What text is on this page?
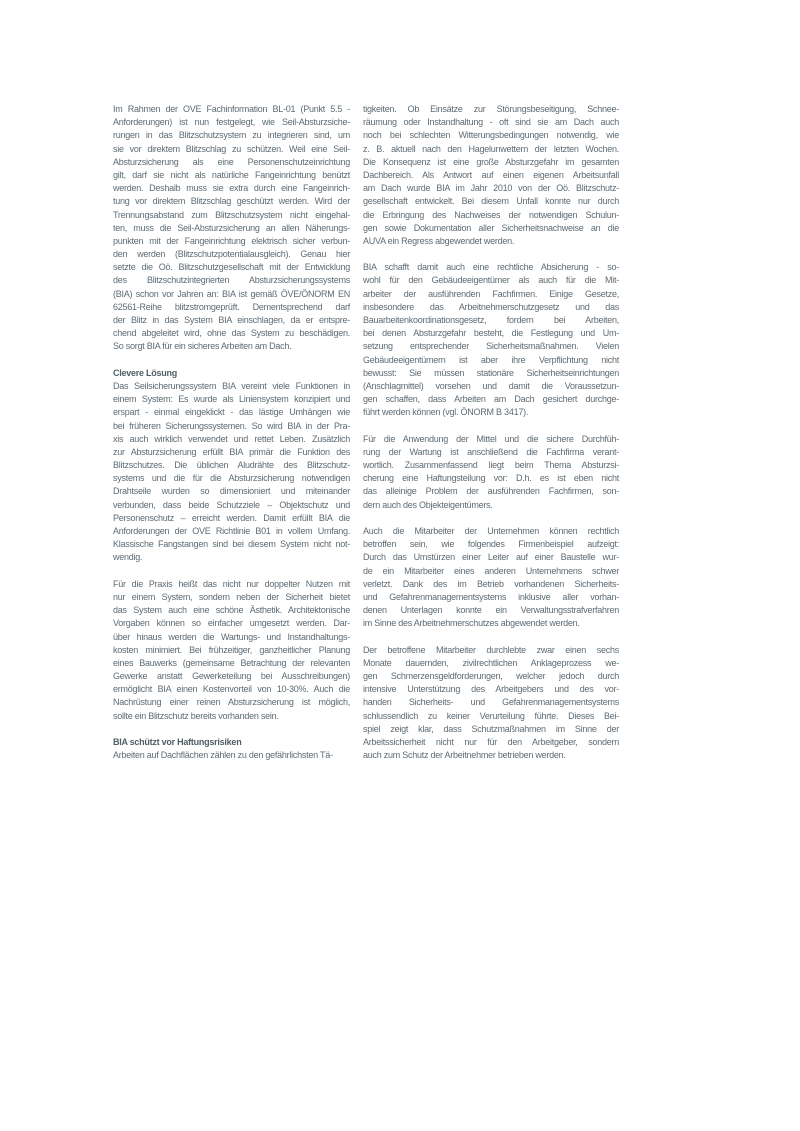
Im Rahmen der OVE Fachinformation BL-01 (Punkt 5.5 -
Anforderungen) ist nun festgelegt, wie Seil-Absturzsiche-
rungen in das Blitzschutzsystem zu integrieren sind, um
sie vor direktem Blitzschlag zu schützen. Weil eine Seil-
Absturzsicherung als eine Personenschutzeinrichtung
gilt, darf sie nicht als natürliche Fangeinrichtung benützt
werden. Deshalb muss sie extra durch eine Fangeinrich-
tung vor direktem Blitzschlag geschützt werden. Wird der
Trennungsabstand zum Blitzschutzsystem nicht eingehal-
ten, muss die Seil-Absturzsicherung an allen Näherungs-
punkten mit der Fangeinrichtung elektrisch sicher verbun-
den werden (Blitzschutzpotentialausgleich). Genau hier
setzte die Oö. Blitzschutzgesellschaft mit der Entwicklung
des Blitzschutzintegrierten Absturzsicherungssystems
(BIA) schon vor Jahren an: BIA ist gemäß ÖVE/ÖNORM EN
62561-Reihe blitzstromgeprüft. Dementsprechend darf
der Blitz in das System BIA einschlagen, da er entspre-
chend abgeleitet wird, ohne das System zu beschädigen.
So sorgt BIA für ein sicheres Arbeiten am Dach.
Clevere Lösung
Das Seilsicherungssystem BIA vereint viele Funktionen in
einem System: Es wurde als Liniensystem konzipiert und
erspart - einmal eingeklickt - das lästige Umhängen wie
bei früheren Sicherungssystemen. So wird BIA in der Pra-
xis auch wirklich verwendet und rettet Leben. Zusätzlich
zur Absturzsicherung erfüllt BIA primär die Funktion des
Blitzschutzes. Die üblichen Aludrähte des Blitzschutz-
systems und die für die Absturzsicherung notwendigen
Drahtseile wurden so dimensioniert und miteinander
verbunden, dass beide Schutzziele – Objektschutz und
Personenschutz – erreicht werden. Damit erfüllt BIA die
Anforderungen der OVE Richtlinie B01 in vollem Umfang.
Klassische Fangstangen sind bei diesem System nicht not-
wendig.
Für die Praxis heißt das nicht nur doppelter Nutzen mit
nur einem System, sondern neben der Sicherheit bietet
das System auch eine schöne Ästhetik. Architektonische
Vorgaben können so einfacher umgesetzt werden. Dar-
über hinaus werden die Wartungs- und Instandhaltungs-
kosten minimiert. Bei frühzeitiger, ganzheitlicher Planung
eines Bauwerks (gemeinsame Betrachtung der relevanten
Gewerke anstatt Gewerketeilung bei Ausschreibungen)
ermöglicht BIA einen Kostenvorteil von 10-30%. Auch die
Nachrüstung einer reinen Absturzsicherung ist möglich,
sollte ein Blitzschutz bereits vorhanden sein.
BIA schützt vor Haftungsrisiken
Arbeiten auf Dachflächen zählen zu den gefährlichsten Tä-
tigkeiten. Ob Einsätze zur Störungsbeseitigung, Schnee-
räumung oder Instandhaltung - oft sind sie am Dach auch
noch bei schlechten Witterungsbedingungen notwendig, wie
z. B. aktuell nach den Hagelunwettern der letzten Wochen.
Die Konsequenz ist eine große Absturzgefahr im gesamten
Dachbereich. Als Antwort auf einen eigenen Arbeitsunfall
am Dach wurde BIA im Jahr 2010 von der Oö. Blitzschutz-
gesellschaft entwickelt. Bei diesem Unfall konnte nur durch
die Erbringung des Nachweises der notwendigen Schulun-
gen sowie Dokumentation aller Sicherheitsnachweise an die
AUVA ein Regress abgewendet werden.
BIA schafft damit auch eine rechtliche Absicherung - so-
wohl für den Gebäudeeigentümer als auch für die Mit-
arbeiter der ausführenden Fachfirmen. Einige Gesetze,
insbesondere das Arbeitnehmerschutzgesetz und das
Bauarbeitenkoordinationsgesetz, fordern bei Arbeiten,
bei denen Absturzgefahr besteht, die Festlegung und Um-
setzung entsprechender Sicherheitsmaßnahmen. Vielen
Gebäudeeigentümern ist aber ihre Verpflichtung nicht
bewusst: Sie müssen stationäre Sicherheitseinrichtungen
(Anschlagmittel) vorsehen und damit die Voraussetzun-
gen schaffen, dass Arbeiten am Dach gesichert durchge-
führt werden können (vgl. ÖNORM B 3417).
Für die Anwendung der Mittel und die sichere Durchfüh-
rung der Wartung ist anschließend die Fachfirma verant-
wortlich. Zusammenfassend liegt beim Thema Absturzsi-
cherung eine Haftungsteilung vor: D.h. es ist eben nicht
das alleinige Problem der ausführenden Fachfirmen, son-
dern auch des Objekteigentümers.
Auch die Mitarbeiter der Unternehmen können rechtlich
betroffen sein, wie folgendes Firmenbeispiel aufzeigt:
Durch das Umstürzen einer Leiter auf einer Baustelle wur-
de ein Mitarbeiter eines anderen Unternehmens schwer
verletzt. Dank des im Betrieb vorhandenen Sicherheits-
und Gefahrenmanagementsystems inklusive aller vorhan-
denen Unterlagen konnte ein Verwaltungsstrafverfahren
im Sinne des Arbeitnehmerschutzes abgewendet werden.
Der betroffene Mitarbeiter durchlebte zwar einen sechs
Monate dauernden, zivilrechtlichen Anklageprozess we-
gen Schmerzensgeldforderungen, welcher jedoch durch
intensive Unterstützung des Arbeitgebers und des vor-
handen Sicherheits- und Gefahrenmanagementsystems
schlussendlich zu keiner Verurteilung führte. Dieses Bei-
spiel zeigt klar, dass Schutzmaßnahmen im Sinne der
Arbeitssicherheit nicht nur für den Arbeitgeber, sondern
auch zum Schutz der Arbeitnehmer betrieben werden.
